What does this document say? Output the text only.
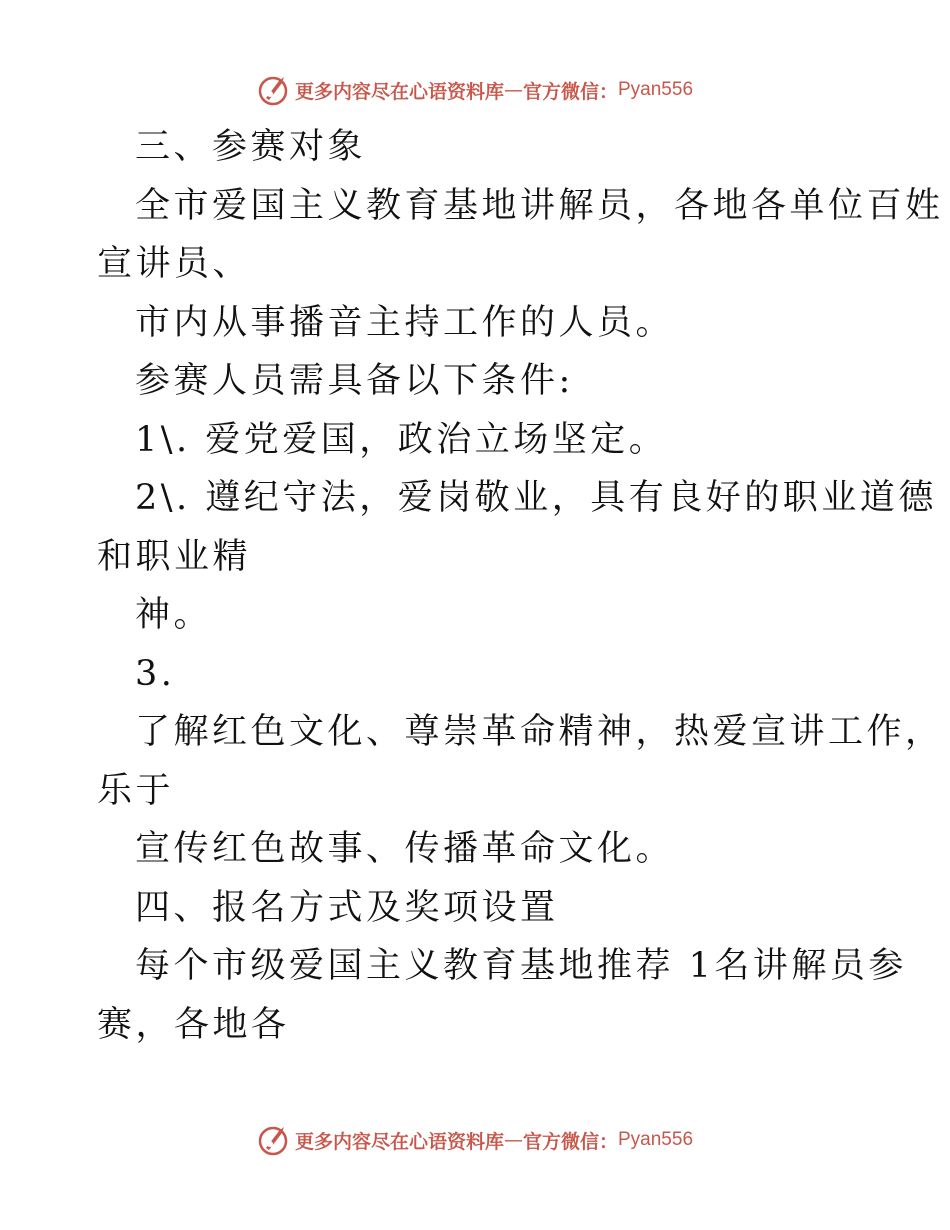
更多内容尽在心语资料库 — 官方微信： Pyan556
三、参赛对象
全市爱国主义教育基地讲解员，各地各单位百姓
宣讲员、
市内从事播音主持工作的人员。
参赛人员需具备以下条件:
1\. 爱党爱国，政治立场坚定。
2\. 遵纪守法，爱岗敬业，具有良好的职业道德
和职业精
神。
3.
了解红色文化、尊崇革命精神，热爱宣讲工作，
乐于
宣传红色故事、传播革命文化。
四、报名方式及奖项设置
每个市级爱国主义教育基地推荐 1名讲解员参
赛，各地各
更多内容尽在心语资料库 — 官方微信： Pyan556
